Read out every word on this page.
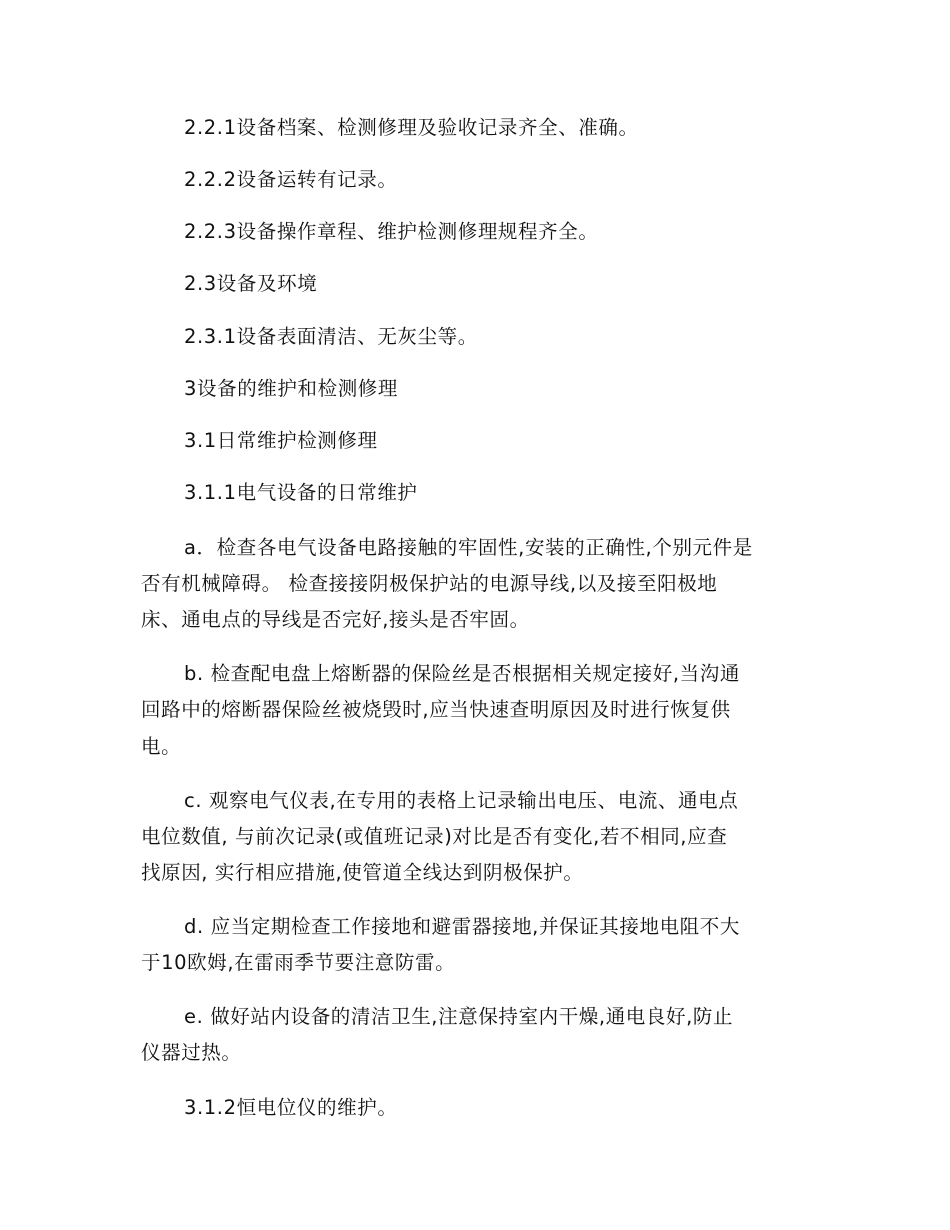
2.2.1设备档案、检测修理及验收记录齐全、准确。
2.2.2设备运转有记录。
2.2.3设备操作章程、维护检测修理规程齐全。
2.3设备及环境
2.3.1设备表面清洁、无灰尘等。
3设备的维护和检测修理
3.1日常维护检测修理
3.1.1电气设备的日常维护
a．检查各电气设备电路接触的牢固性,安装的正确性,个别元件是
否有机械障碍。 检查接接阴极保护站的电源导线,以及接至阳极地
床、通电点的导线是否完好,接头是否牢固。
b. 检查配电盘上熔断器的保险丝是否根据相关规定接好,当沟通
回路中的熔断器保险丝被烧毁时,应当快速查明原因及时进行恢复供
电。
c. 观察电气仪表,在专用的表格上记录输出电压、电流、通电点
电位数值, 与前次记录(或值班记录)对比是否有变化,若不相同,应查
找原因, 实行相应措施,使管道全线达到阴极保护。
d. 应当定期检查工作接地和避雷器接地,并保证其接地电阻不大
于10欧姆,在雷雨季节要注意防雷。
e. 做好站内设备的清洁卫生,注意保持室内干燥,通电良好,防止
仪器过热。
3.1.2恒电位仪的维护。
